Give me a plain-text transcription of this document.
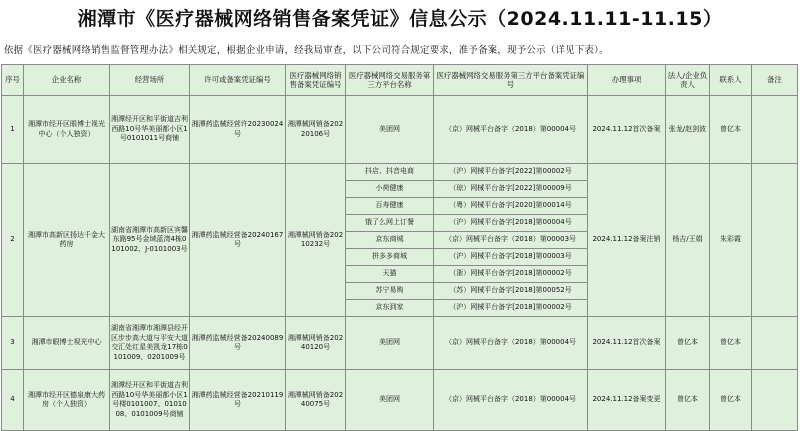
湘潭市《医疗器械网络销售备案凭证》信息公示（2024.11.11-11.15）
依据《医疗器械网络销售监督管理办法》相关规定，根据企业申请，经我局审查，以下公司符合规定要求，准予备案，现予公示（详见下表）。
序号	企业名称	经营场所	许可或备案凭证编号	医疗器械网络销售备案凭证编号	医疗器械网络交易服务第三方平台名称	医疗器械网络交易服务第三方平台备案凭证编号	办理事项	法人/企业负责人	联系人	备注
1	湘潭市经开区眼博士视光中心（个人独资）	湘潭经开区和平街道吉利西路10号华美丽都小区1号0101011号商铺	湘潭药监械经营许20230024号	湘潭械网销备20220106号	美团网	（京）网械平台备字（2018）第00004号	2024.11.12首次备案	张龙/赵剑波	曾亿本	
2	湘潭市高新区扬达千金大药房	湖南省湘潭市高新区宾馨东路95号金域蓝湾4栋0101002、J-0101003号	湘潭药监械经营备20240167号	湘潭械网销备20210232号	抖店、抖音电商	（沪）网械平台备字[2022]第00002号	2024.11.12备案注销	杨吉/王娟	朱彩霞	
					小荷健康	（琼）网械平台备字[2022]第00009号				
					百寿健康	（粤）网械平台备字[2020]第00014号				
					饿了么网上订餐	（沪）网械平台备字[2018]第00004号				
					京东商城	（京）网械平台备字（2018）第00003号				
					拼多多商城	（沪）网械平台备字[2018]第00003号				
					天猫	（浙）网械平台备字[2018]第00002号				
					苏宁易购	（苏）网械平台备字[2018]第00052号				
					京东到家	（沪）网械平台备字[2018]第00002号				
3	湘潭市眼博士视光中心	湖南省湘潭市湘潭县经开区步步高大道与平安大道交汇处红星美凯龙17栋0101009、0201009号	湘潭药监械经营备20240089号	湘潭械网销备20240120号	美团网	（京）网械平台备字（2018）第00004号	2024.11.12首次备案	曾亿本	曾亿本	
4	湘潭市经开区德泉康大药房（个人独资）	湘潭经开区和平街道吉利西路10号华美丽都小区1号楼0101007、0101008、0101009号商铺	湘潭药监械经营备20210119号	湘潭械网销备20240075号	美团网	（京）网械平台备字（2018）第00004号	2024.11.12备案变更	曾亿本	曾亿本	
